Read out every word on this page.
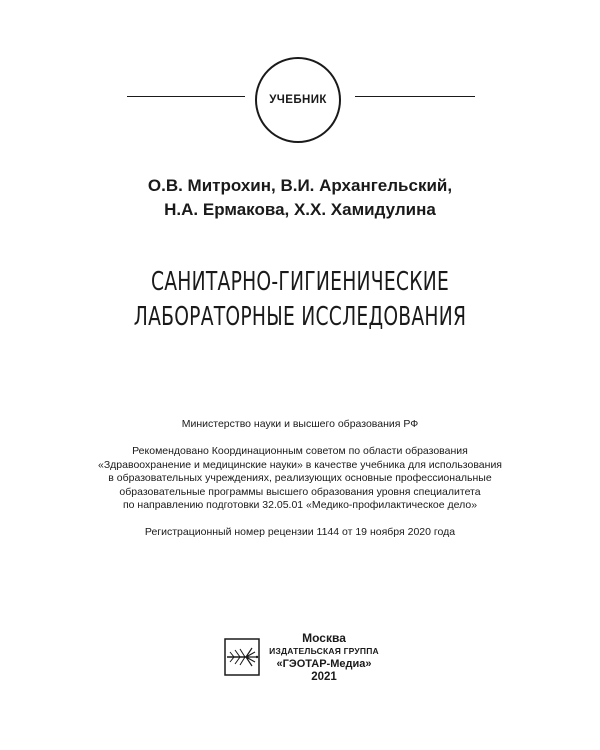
УЧЕБНИК
О.В. Митрохин, В.И. Архангельский,
Н.А. Ермакова, Х.Х. Хамидулина
САНИТАРНО-ГИГИЕНИЧЕСКИЕ
ЛАБОРАТОРНЫЕ ИССЛЕДОВАНИЯ
Министерство науки и высшего образования РФ
Рекомендовано Координационным советом по области образования
«Здравоохранение и медицинские науки» в качестве учебника для использования
в образовательных учреждениях, реализующих основные профессиональные
образовательные программы высшего образования уровня специалитета
по направлению подготовки 32.05.01 «Медико-профилактическое дело»
Регистрационный номер рецензии 1144 от 19 ноября 2020 года
Москва
ИЗДАТЕЛЬСКАЯ ГРУППА
«ГЭОТАР-Медиа»
2021
